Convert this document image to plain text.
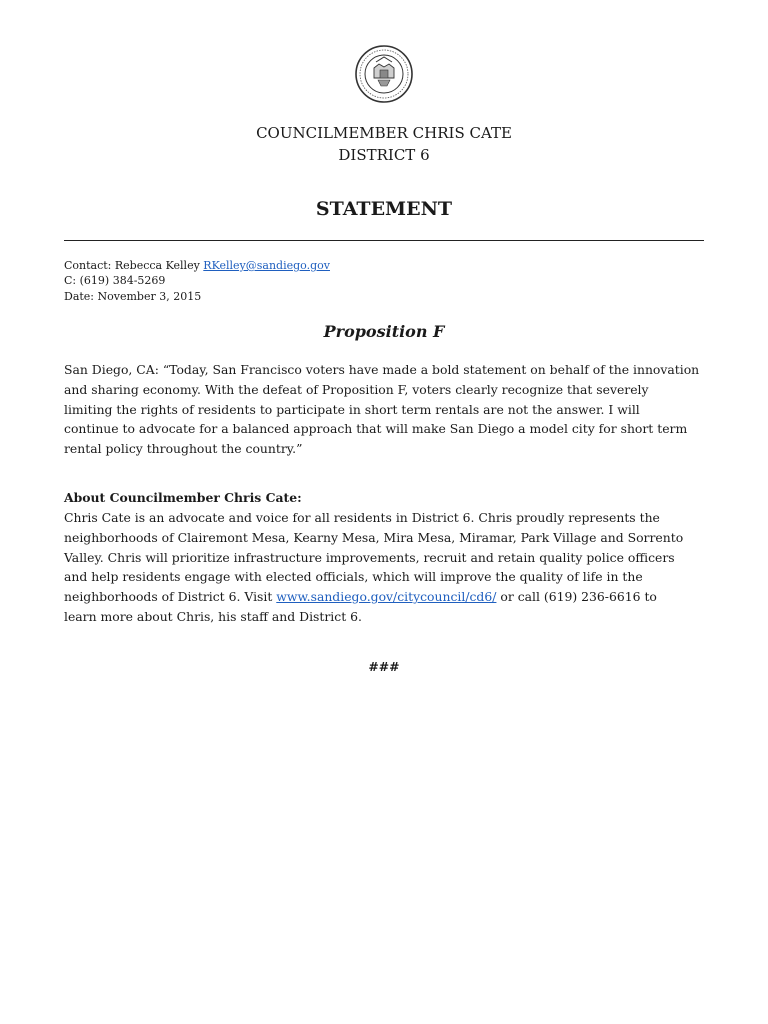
COUNCILMEMBER CHRIS CATE
DISTRICT 6
STATEMENT
Contact: Rebecca Kelley RKelley@sandiego.gov
C: (619) 384-5269
Date: November 3, 2015
Proposition F
San Diego, CA: “Today, San Francisco voters have made a bold statement on behalf of the innovation
and sharing economy. With the defeat of Proposition F, voters clearly recognize that severely
limiting the rights of residents to participate in short term rentals are not the answer. I will
continue to advocate for a balanced approach that will make San Diego a model city for short term
rental policy throughout the country.”
About Councilmember Chris Cate:
Chris Cate is an advocate and voice for all residents in District 6. Chris proudly represents the
neighborhoods of Clairemont Mesa, Kearny Mesa, Mira Mesa, Miramar, Park Village and Sorrento
Valley. Chris will prioritize infrastructure improvements, recruit and retain quality police officers
and help residents engage with elected officials, which will improve the quality of life in the
neighborhoods of District 6. Visit www.sandiego.gov/citycouncil/cd6/ or call (619) 236-6616 to
learn more about Chris, his staff and District 6.
###
